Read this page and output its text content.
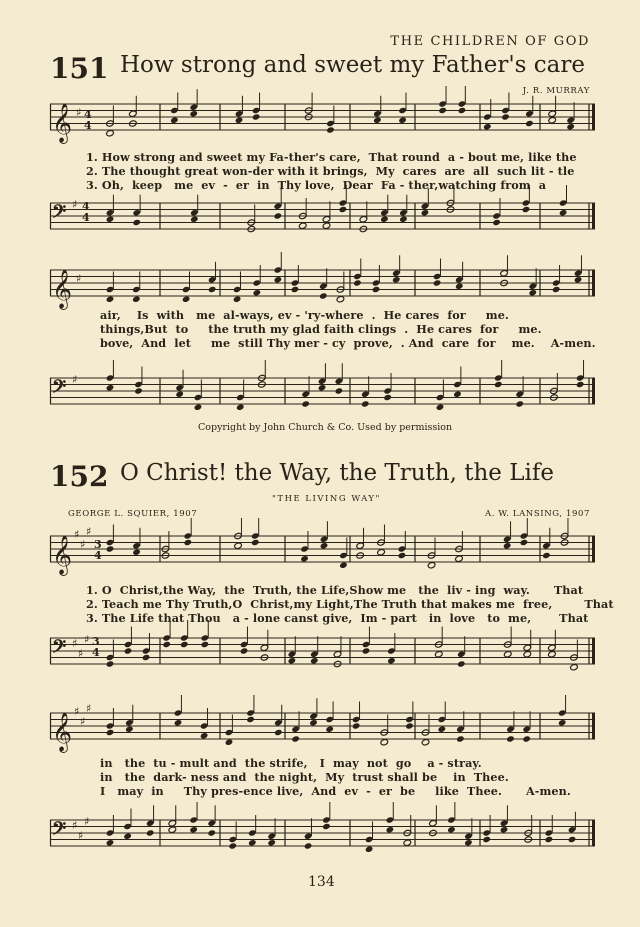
THE CHILDREN OF GOD
151 How strong and sweet my Father's care
J. R. MURRAY
𝄞 ♯ 4
4
𝄢 ♯ 4
4
1. How strong and sweet my Fa-ther's care,  That round  a - bout me, like the
2. The thought great won-der with it brings,  My  cares  are  all  such lit - tle
3. Oh,  keep   me  ev  -  er  in  Thy love,  Dear  Fa - ther,watching from  a
𝄞 ♯
𝄢 ♯
air,    Is  with   me  al-ways, ev - 'ry-where  .  He cares  for     me.
things,But  to     the truth my glad faith clings  .  He cares  for     me.
bove,  And  let     me  still Thy mer - cy  prove,  . And  care  for    me.    A-men.
Copyright by John Church & Co. Used by permission
152 O Christ! the Way, the Truth, the Life
"THE LIVING WAY"
GEORGE L. SQUIER, 1907	A. W. LANSING, 1907
𝄞
♯
♯
♯
3
4
𝄢 ♯
♯
♯ 3
4
1. O  Christ,the Way,  the  Truth, the Life,Show me   the  liv - ing  way.      That
2. Teach me Thy Truth,O  Christ,my Light,The Truth that makes me  free,        That
3. The Life that Thou   a - lone canst give,  Im - part   in  love   to  me,       That
𝄞
♯
♯
♯
𝄢 ♯
♯
♯
in   the  tu - mult and  the strife,   I  may  not  go    a - stray.
in   the  dark- ness and  the night,  My  trust shall be    in  Thee.
I   may  in     Thy pres-ence live,  And  ev  -  er  be     like  Thee.      A-men.
134
